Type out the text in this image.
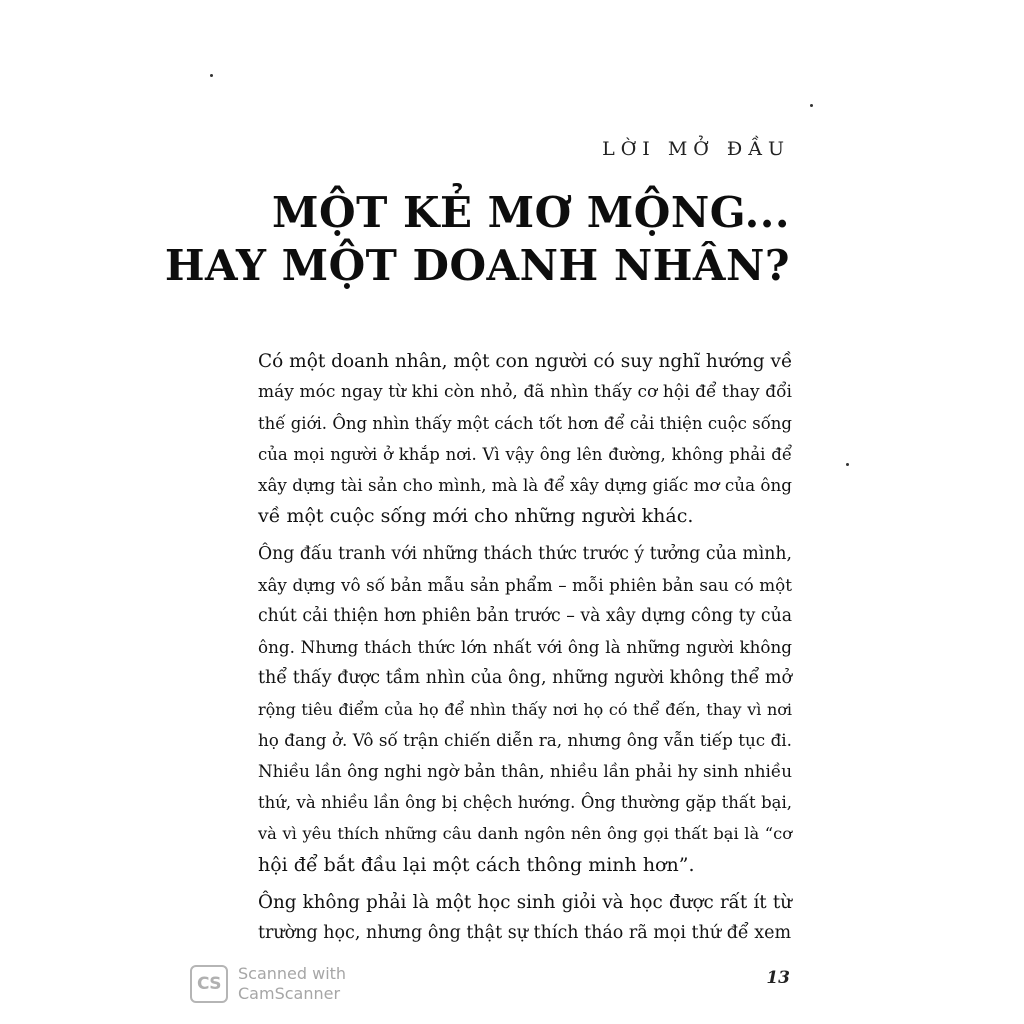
LỜI MỞ ĐẦU
MỘT KẺ MƠ MỘNG...
HAY MỘT DOANH NHÂN?
Có một doanh nhân, một con người có suy nghĩ hướng về
máy móc ngay từ khi còn nhỏ, đã nhìn thấy cơ hội để thay đổi
thế giới. Ông nhìn thấy một cách tốt hơn để cải thiện cuộc sống
của mọi người ở khắp nơi. Vì vậy ông lên đường, không phải để
xây dựng tài sản cho mình, mà là để xây dựng giấc mơ của ông
về một cuộc sống mới cho những người khác.
Ông đấu tranh với những thách thức trước ý tưởng của mình,
xây dựng vô số bản mẫu sản phẩm – mỗi phiên bản sau có một
chút cải thiện hơn phiên bản trước – và xây dựng công ty của
ông. Nhưng thách thức lớn nhất với ông là những người không
thể thấy được tầm nhìn của ông, những người không thể mở
rộng tiêu điểm của họ để nhìn thấy nơi họ có thể đến, thay vì nơi
họ đang ở. Vô số trận chiến diễn ra, nhưng ông vẫn tiếp tục đi.
Nhiều lần ông nghi ngờ bản thân, nhiều lần phải hy sinh nhiều
thứ, và nhiều lần ông bị chệch hướng. Ông thường gặp thất bại,
và vì yêu thích những câu danh ngôn nên ông gọi thất bại là “cơ
hội để bắt đầu lại một cách thông minh hơn”.
Ông không phải là một học sinh giỏi và học được rất ít từ
trường học, nhưng ông thật sự thích tháo rã mọi thứ để xem
13
CS
Scanned with
CamScanner
